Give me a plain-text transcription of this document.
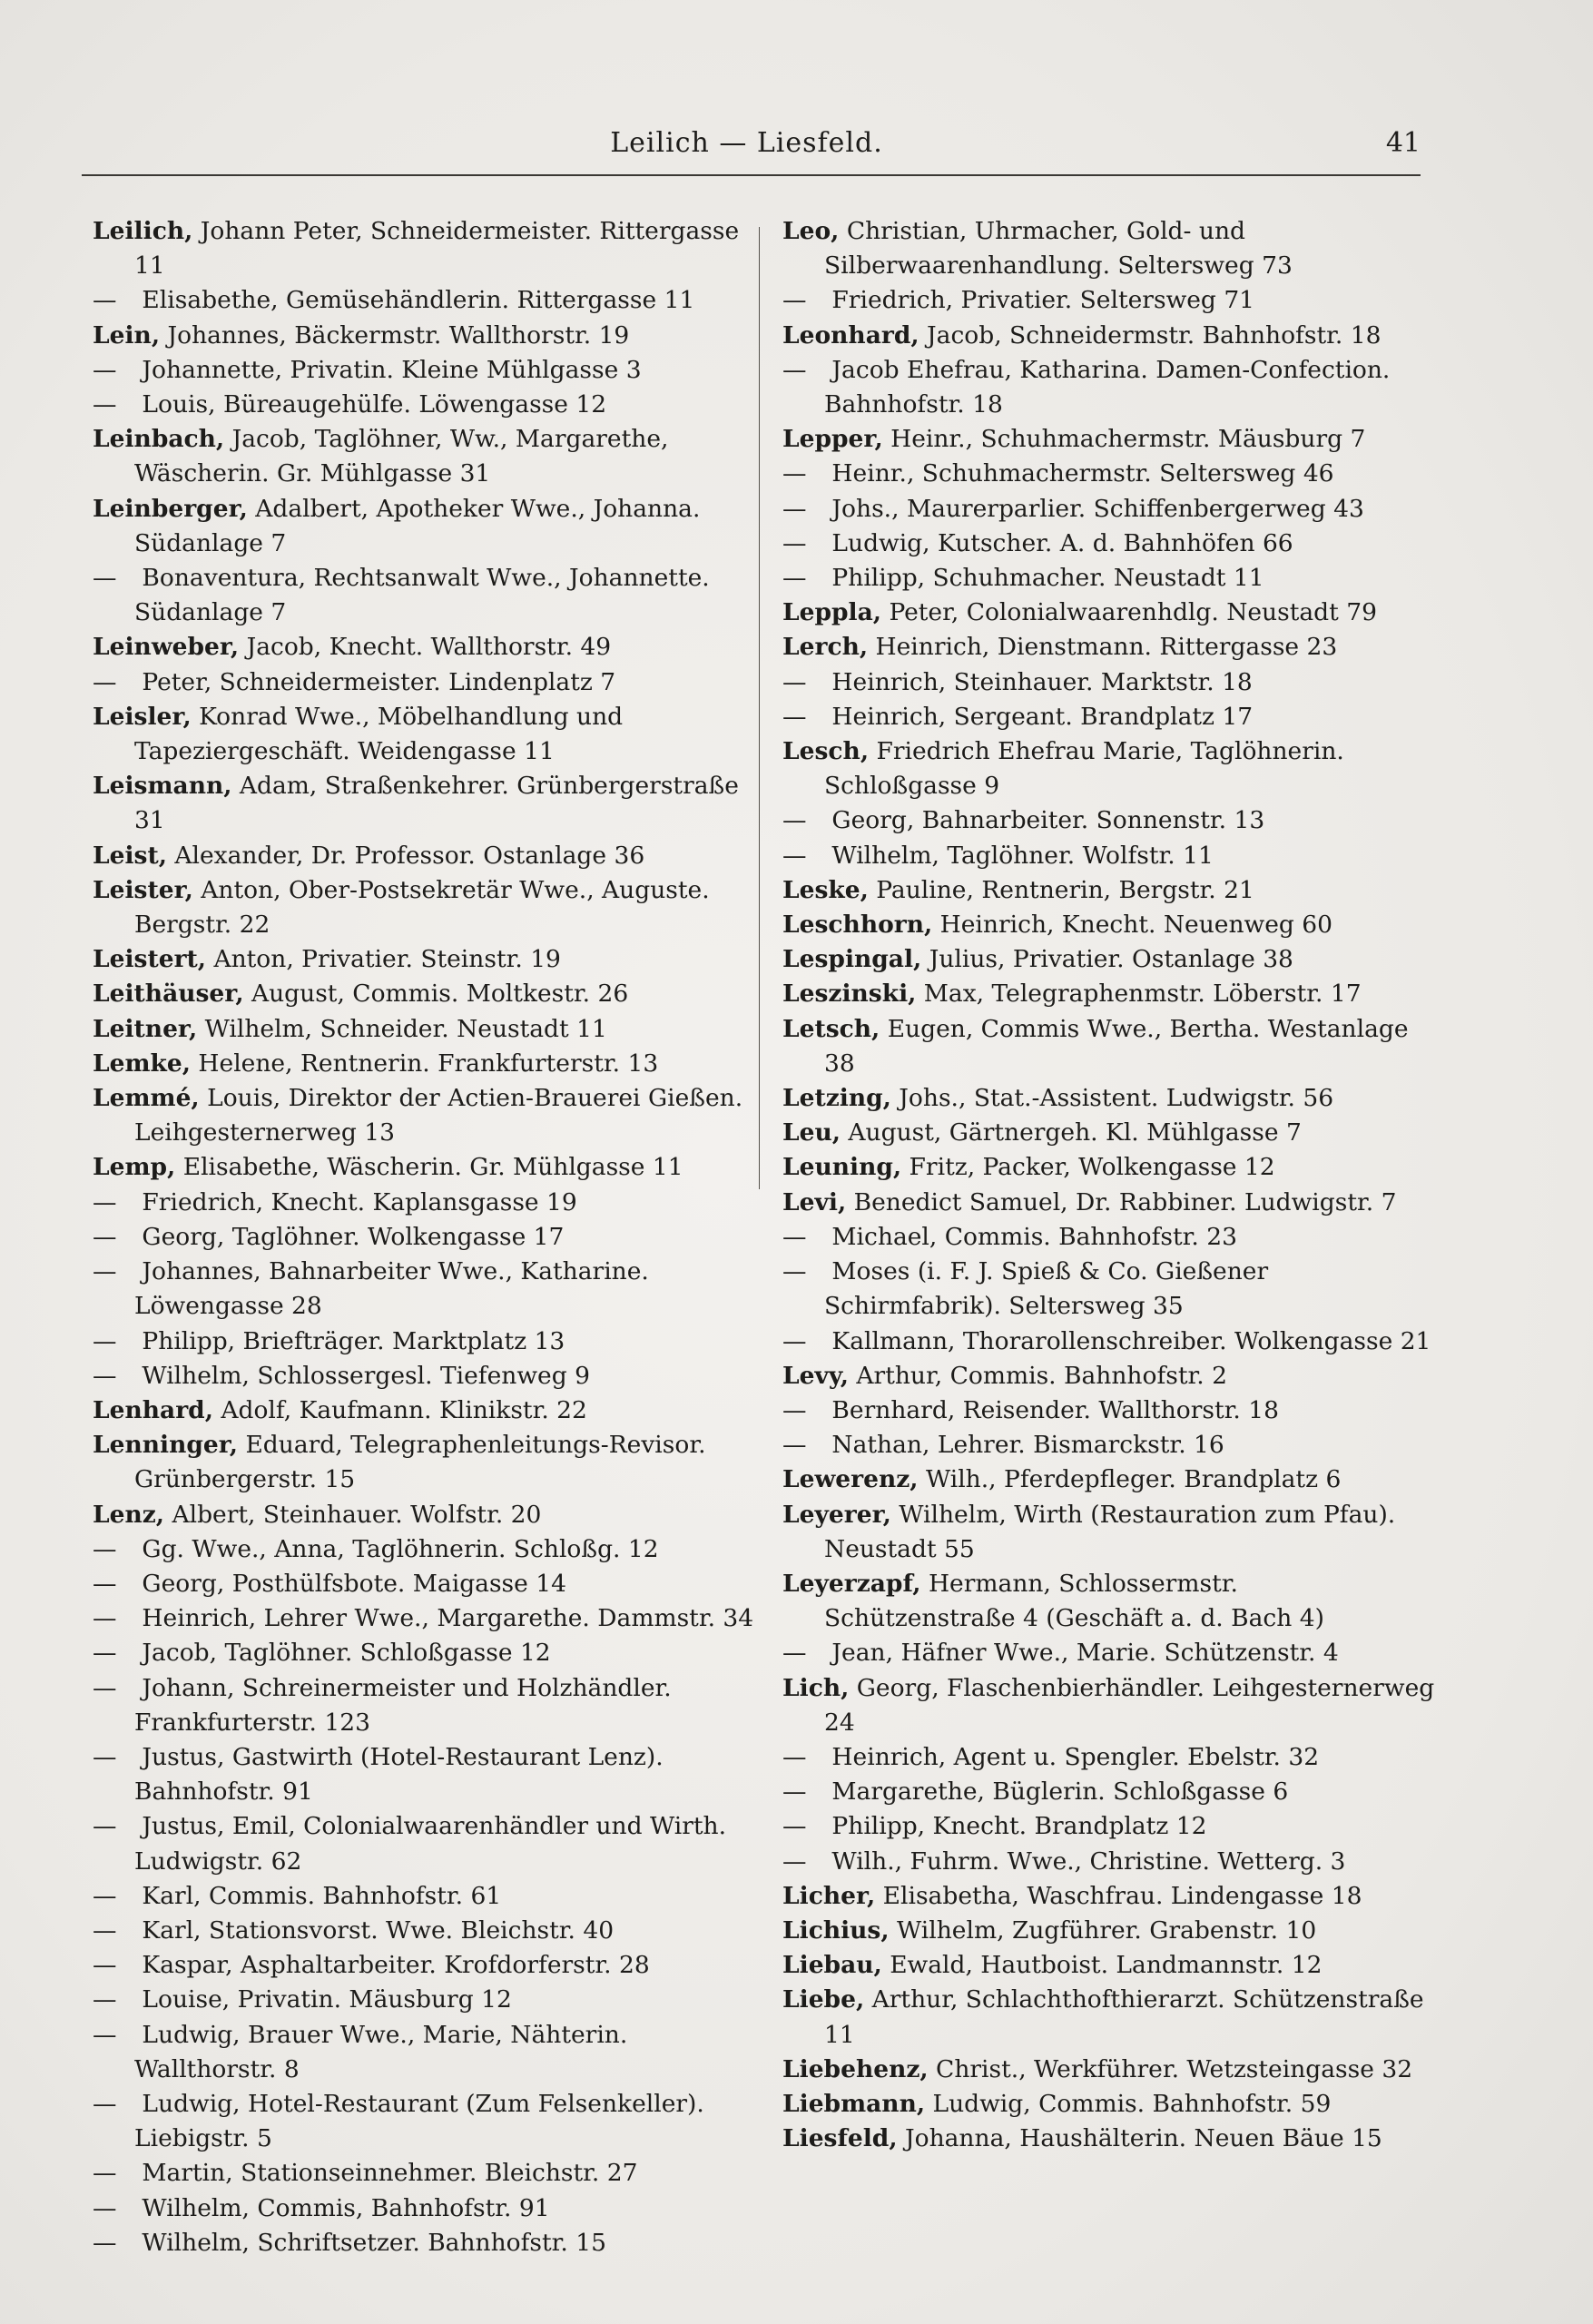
Leilich — Liesfeld.	41

Leilich, Johann Peter, Schneidermeister. Rittergasse 11

— Elisabethe, Gemüsehändlerin. Rittergasse 11

Lein, Johannes, Bäckermstr. Wallthorstr. 19

— Johannette, Privatin. Kleine Mühlgasse 3

— Louis, Büreaugehülfe. Löwengasse 12

Leinbach, Jacob, Taglöhner, Ww., Margarethe, Wäscherin. Gr. Mühlgasse 31

Leinberger, Adalbert, Apotheker Wwe., Johanna. Südanlage 7

— Bonaventura, Rechtsanwalt Wwe., Johannette. Südanlage 7

Leinweber, Jacob, Knecht. Wallthorstr. 49

— Peter, Schneidermeister. Lindenplatz 7

Leisler, Konrad Wwe., Möbelhandlung und Tapeziergeschäft. Weidengasse 11

Leismann, Adam, Straßenkehrer. Grünbergerstraße 31

Leist, Alexander, Dr. Professor. Ostanlage 36

Leister, Anton, Ober-Postsekretär Wwe., Auguste. Bergstr. 22

Leistert, Anton, Privatier. Steinstr. 19

Leithäuser, August, Commis. Moltkestr. 26

Leitner, Wilhelm, Schneider. Neustadt 11

Lemke, Helene, Rentnerin. Frankfurterstr. 13

Lemmé, Louis, Direktor der Actien-Brauerei Gießen. Leihgesternerweg 13

Lemp, Elisabethe, Wäscherin. Gr. Mühlgasse 11

— Friedrich, Knecht. Kaplansgasse 19

— Georg, Taglöhner. Wolkengasse 17

— Johannes, Bahnarbeiter Wwe., Katharine. Löwengasse 28

— Philipp, Briefträger. Marktplatz 13

— Wilhelm, Schlossergesl. Tiefenweg 9

Lenhard, Adolf, Kaufmann. Klinikstr. 22

Lenninger, Eduard, Telegraphenleitungs-Revisor. Grünbergerstr. 15

Lenz, Albert, Steinhauer. Wolfstr. 20

— Gg. Wwe., Anna, Taglöhnerin. Schloßg. 12

— Georg, Posthülfsbote. Maigasse 14

— Heinrich, Lehrer Wwe., Margarethe. Dammstr. 34

— Jacob, Taglöhner. Schloßgasse 12

— Johann, Schreinermeister und Holzhändler. Frankfurterstr. 123

— Justus, Gastwirth (Hotel-Restaurant Lenz). Bahnhofstr. 91

— Justus, Emil, Colonialwaarenhändler und Wirth. Ludwigstr. 62

— Karl, Commis. Bahnhofstr. 61

— Karl, Stationsvorst. Wwe. Bleichstr. 40

— Kaspar, Asphaltarbeiter. Krofdorferstr. 28

— Louise, Privatin. Mäusburg 12

— Ludwig, Brauer Wwe., Marie, Nähterin. Wallthorstr. 8

— Ludwig, Hotel-Restaurant (Zum Felsenkeller). Liebigstr. 5

— Martin, Stationseinnehmer. Bleichstr. 27

— Wilhelm, Commis, Bahnhofstr. 91

— Wilhelm, Schriftsetzer. Bahnhofstr. 15

Leo, Christian, Uhrmacher, Gold- und Silberwaarenhandlung. Seltersweg 73

— Friedrich, Privatier. Seltersweg 71

Leonhard, Jacob, Schneidermstr. Bahnhofstr. 18

— Jacob Ehefrau, Katharina. Damen-Confection. Bahnhofstr. 18

Lepper, Heinr., Schuhmachermstr. Mäusburg 7

— Heinr., Schuhmachermstr. Seltersweg 46

— Johs., Maurerparlier. Schiffenbergerweg 43

— Ludwig, Kutscher. A. d. Bahnhöfen 66

— Philipp, Schuhmacher. Neustadt 11

Leppla, Peter, Colonialwaarenhdlg. Neustadt 79

Lerch, Heinrich, Dienstmann. Rittergasse 23

— Heinrich, Steinhauer. Marktstr. 18

— Heinrich, Sergeant. Brandplatz 17

Lesch, Friedrich Ehefrau Marie, Taglöhnerin. Schloßgasse 9

— Georg, Bahnarbeiter. Sonnenstr. 13

— Wilhelm, Taglöhner. Wolfstr. 11

Leske, Pauline, Rentnerin, Bergstr. 21

Leschhorn, Heinrich, Knecht. Neuenweg 60

Lespingal, Julius, Privatier. Ostanlage 38

Leszinski, Max, Telegraphenmstr. Löberstr. 17

Letsch, Eugen, Commis Wwe., Bertha. Westanlage 38

Letzing, Johs., Stat.-Assistent. Ludwigstr. 56

Leu, August, Gärtnergeh. Kl. Mühlgasse 7

Leuning, Fritz, Packer, Wolkengasse 12

Levi, Benedict Samuel, Dr. Rabbiner. Ludwigstr. 7

— Michael, Commis. Bahnhofstr. 23

— Moses (i. F. J. Spieß & Co. Gießener Schirmfabrik). Seltersweg 35

— Kallmann, Thorarollenschreiber. Wolkengasse 21

Levy, Arthur, Commis. Bahnhofstr. 2

— Bernhard, Reisender. Wallthorstr. 18

— Nathan, Lehrer. Bismarckstr. 16

Lewerenz, Wilh., Pferdepfleger. Brandplatz 6

Leyerer, Wilhelm, Wirth (Restauration zum Pfau). Neustadt 55

Leyerzapf, Hermann, Schlossermstr. Schützenstraße 4 (Geschäft a. d. Bach 4)

— Jean, Häfner Wwe., Marie. Schützenstr. 4

Lich, Georg, Flaschenbierhändler. Leihgesternerweg 24

— Heinrich, Agent u. Spengler. Ebelstr. 32

— Margarethe, Büglerin. Schloßgasse 6

— Philipp, Knecht. Brandplatz 12

— Wilh., Fuhrm. Wwe., Christine. Wetterg. 3

Licher, Elisabetha, Waschfrau. Lindengasse 18

Lichius, Wilhelm, Zugführer. Grabenstr. 10

Liebau, Ewald, Hautboist. Landmannstr. 12

Liebe, Arthur, Schlachthofthierarzt. Schützenstraße 11

Liebehenz, Christ., Werkführer. Wetzsteingasse 32

Liebmann, Ludwig, Commis. Bahnhofstr. 59

Liesfeld, Johanna, Haushälterin. Neuen Bäue 15
